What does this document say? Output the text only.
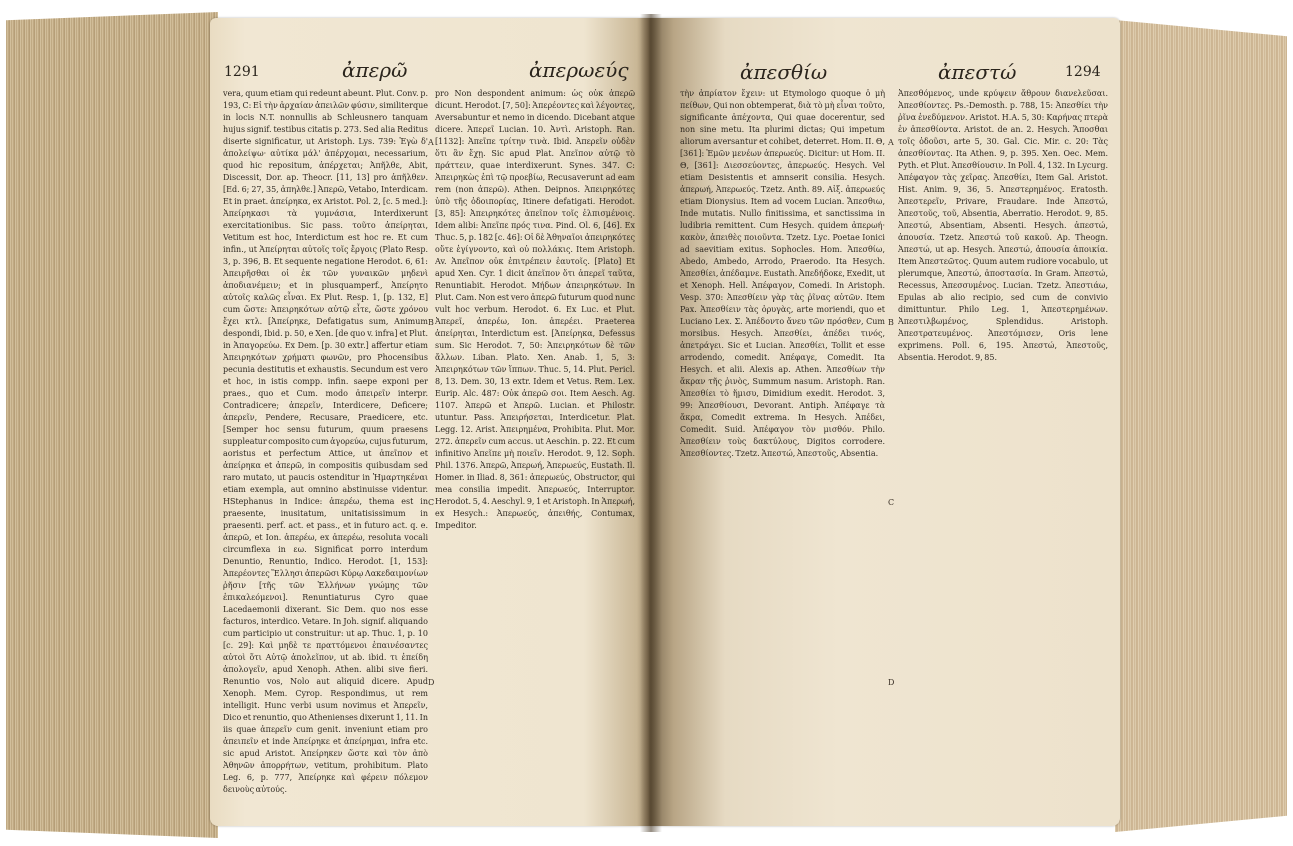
1291	ἀπερῶ	ἀπερωεύς

vera, quum etiam qui redeunt abeunt. Plut. Conv. p. 193, C: Εἰ τὴν ἀρχαίαν ἀπειλῶν φύσιν, similiterque in locis N.T. nonnullis ab Schleusnero tanquam hujus signif. testibus citatis p. 273. Sed alia Reditus diserte significatur, ut Aristoph. Lys. 739: Ἐγὼ δ' ἀπολείψω· αὐτίκα μάλ' ἀπέρχομαι, necessarium, quod hic repositum, ἀπέρχεται; Ἀπῆλθε, Abit, Discessit, Dor. ap. Theocr. [11, 13] pro ἀπῆλθεν. [Ed. 6; 27, 35, ἀπηλθε.] Ἀπερῶ, Vetabo, Interdicam. Et in praet. ἀπείρηκα, ex Aristot. Pol. 2, [c. 5 med.]: Ἀπείρηκασι τὰ γυμνάσια, Interdixerunt exercitationibus. Sic pass. τοῦτο ἀπείρηται, Vetitum est hoc, Interdictum est hoc re. Et cum infin., ut Ἀπείρηται αὐτοῖς τοῖς ἔργοις (Plato Resp. 3, p. 396, B. Et sequente negatione Herodot. 6, 61: Ἀπειρῆσθαι οἱ ἐκ τῶν γυναικῶν μηδενὶ ἀποδιανέμειν; et in plusquamperf., Ἀπείρητο αὐτοῖς καλῶς εἶναι. Ex Plut. Resp. 1, [p. 132, E] cum ὥστε: Ἀπειρηκότων αὐτῷ εἶτε, ὥστε χρόνου ἔχει κτλ. [Ἀπείρηκε, Defatigatus sum, Animum despondi, Ibid. p. 50, e Xen. [de quo v. infra] et Plut. in Ἀπαγορεύω. Ex Dem. [p. 30 extr.] affertur etiam Ἀπειρηκότων χρήματι φωνῶν, pro Phocensibus pecunia destitutis et exhaustis. Secundum est vero et hoc, in istis compp. infin. saepe exponi per praes., quo et Cum. modo ἀπειρεῖν interpr. Contradicere; ἀπερεῖν, Interdicere, Deficere; ἀπερεῖν, Pendere, Recusare, Praedicere, etc. [Semper hoc sensu futurum, quum praesens suppleatur composito cum ἀγορεύω, cujus futurum, aoristus et perfectum Attice, ut ἀπεῖπον et ἀπείρηκα et ἀπερῶ, in compositis quibusdam sed raro mutato, ut paucis ostenditur in Ἠμαρτηκέναι etiam exempla, aut omnino abstinuisse videntur. HStephanus in Indice: ἀπερέω, thema est in praesente, inusitatum, unitatisissimum in praesenti. perf. act. et pass., et in futuro act. q. e. ἀπερῶ, et Ion. ἀπερέω, ex ἀπερέω, resoluta vocali circumflexa in εω. Significat porro interdum Denuntio, Renuntio, Indico. Herodot. [1, 153]: Ἀπερέοντες Ἕλλησι ἀπερῶσι Κύρῳ Λακεδαιμονίων ῥῆσιν [τῆς τῶν Ἑλλήνων γνώμης τῶν ἐπικαλεόμενοι]. Renuntiaturus Cyro quae Lacedaemonii dixerant. Sic Dem. quo nos esse facturos, interdico. Vetare. In Joh. signif. aliquando cum participio ut construitur: ut ap. Thuc. 1, p. 10 [c. 29]: Καὶ μηδὲ τε πραττόμενοι ἐπαινέσαντες αὐτοὶ ὅτι Αὐτῷ ἀπολεῖπον, ut ab. ibid. τι ἐπείδη ἀπολογεῖν, apud Xenoph. Athen. alibi sive fieri. Renuntio vos, Nolo aut aliquid dicere. Apud Xenoph. Mem. Cyrop. Respondimus, ut rem intelligit. Hunc verbi usum novimus et Ἀπερεῖν, Dico et renuntio, quo Athenienses dixerunt 1, 11. In iis quae ἀπερεῖν cum genit. inveniunt etiam pro ἀπειπεῖν et inde Ἀπείρηκε et ἀπείρημαι, infra etc. sic apud Aristot. Ἀπείρηκεν ὥστε καὶ τὸν ἀπὸ Ἀθηνῶν ἀπορρήτων, vetitum, prohibitum. Plato Leg. 6, p. 777, Ἀπείρηκε καὶ φέρειν πόλεμον δεινοὺς αὐτούς.

pro Non despondent animum: ὡς οὐκ ἀπερῶ dicunt. Herodot. [7, 50]: Ἀπερέοντες καὶ λέγοντες, Aversabuntur et nemo in dicendo. Dicebant atque dicere. Ἀπερεῖ Lucian. 10. Ἀντὶ. Aristoph. Ran. [1132]: Ἀπεῖπε τρίτην τινὰ. Ibid. Ἀπερεῖν οὐδὲν ὅτι ἂν ἔχῃ. Sic apud Plat. Ἀπεῖπον αὐτῷ τὸ πράττειν, quae interdixerunt. Synes. 347. C: Ἀπειρηκὼς ἐπὶ τῷ προεβίω, Recusaverunt ad eam rem (non ἀπερῶ). Athen. Deipnos. Ἀπειρηκότες ὑπὸ τῆς ὁδοιπορίας, Itinere defatigati. Herodot. [3, 85]: Ἀπειρηκότες ἀπεῖπον τοῖς ἐλπισμένοις. Idem alibi: Ἀπεῖπε πρός τινα. Pind. Ol. 6, [46]. Ex Thuc. 5, p. 182 [c. 46]: Οἱ δὲ Ἀθηναῖοι ἀπειρηκότες οὔτε ἐγίγνοντο, καὶ οὐ πολλάκις. Item Aristoph. Av. Ἀπεῖπον οὐκ ἐπιτρέπειν ἑαυτοῖς. [Plato] Et apud Xen. Cyr. 1 dicit ἀπεῖπον ὅτι ἀπερεῖ ταῦτα, Renuntiabit. Herodot. Μήδων ἀπειρηκότων. In Plut. Cam. Non est vero ἀπερῶ futurum quod nunc vult hoc verbum. Herodot. 6. Ex Luc. et Plut. Ἀπερεῖ, ἀπερέω, Ion. ἀπερέει. Praeterea ἀπείρηται, Interdictum est. [Ἀπείρηκα, Defessus sum. Sic Herodot. 7, 50: Ἀπειρηκότων δὲ τῶν ἄλλων. Liban. Plato. Xen. Anab. 1, 5, 3: Ἀπειρηκότων τῶν ἵππων. Thuc. 5, 14. Plut. Pericl. 8, 13. Dem. 30, 13 extr. Idem et Vetus. Rem. Lex. Eurip. Alc. 487: Οὐκ ἀπερῶ σοι. Item Aesch. Ag. 1107. Ἀπερῶ et Ἀπερῶ. Lucian. et Philostr. utuntur. Pass. Ἀπειρήσεται, Interdicetur. Plat. Legg. 12. Arist. Ἀπειρημένα, Prohibita. Plut. Mor. 272. ἀπερεῖν cum accus. ut Aeschin. p. 22. Et cum infinitivo Ἀπεῖπε μὴ ποιεῖν. Herodot. 9, 12. Soph. Phil. 1376. Ἀπερῶ, Ἀπερωή, Ἀπερωεύς, Eustath. Il. Homer. in Iliad. 8, 361: ἀπερωεύς, Obstructor, qui mea consilia impedit. Ἀπερωεύς, Interruptor. Herodot. 5, 4. Aeschyl. 9, 1 et Aristoph. In Ἀπερωή, ex Hesych.: Ἀπερωεύς, ἀπειθής, Contumax, Impeditor.

A
B
C
D
ἀπεσθίω	ἀπεστώ	1294

τὴν ἀπρίατον ἔχειν: ut Etymologo quoque ὁ μὴ πείθων, Qui non obtemperat, διὰ τὸ μὴ εἶναι τοῦτο, significante ἀπέχοντα, Qui quae docerentur, sed non sine metu. Ita plurimi dictas; Qui impetum aliorum aversantur et cohibet, deterret. Hom. II. Θ, [361]: Ἐμῶν μενέων ἀπερωεύς. Dicitur: ut Hom. II. Θ, [361]: Διεσσεύοντες, ἀπερωεύς. Hesych. Vel etiam Desistentis et amnserit consilia. Hesych. ἀπερωή, Ἀπερωεύς. Tzetz. Anth. 89. Αἰξ. ἀπερωεύς etiam Dionysius. Item ad vocem Lucian. Ἄπεσθιω, Inde mutatis. Nullo finitissima, et sanctissima in ludibria remittent. Cum Hesych. quidem ἀπερωή· κακὸν, ἀπειθὲς ποιοῦντα. Tzetz. Lyc. Poetae Ionici ad saevitiam exitus. Sophocles. Hom. Ἀπεσθίω, Abedo, Ambedo, Arrodo, Praerodo. Ita Hesych. Ἀπεσθίει, ἀπέδαμνε. Eustath. Ἀπεδήδοκε, Exedit, ut et Xenoph. Hell. Ἀπέφαγον, Comedi. In Aristoph. Vesp. 370: Ἀπεσθίειν γὰρ τὰς ῥῖνας αὐτῶν. Item Pax. Ἀπεσθίειν τὰς ὀρυγὰς, arte moriendi, quo et Luciano Lex. Σ. Ἀπέδοντο ἄνευ τῶν πρόσθεν, Cum morsibus. Hesych. Ἀπεσθίει, ἀπέδει τινός, ἀπετράγει. Sic et Lucian. Ἀπεσθίει, Tollit et esse arrodendo, comedit. Ἀπέφαγε, Comedit. Ita Hesych. et alii. Alexis ap. Athen. Ἀπεσθίων τὴν ἄκραν τῆς ῥινὸς, Summum nasum. Aristoph. Ran. Ἀπεσθίει τὸ ἥμισυ, Dimidium exedit. Herodot. 3, 99: Ἀπεσθίουσι, Devorant. Antiph. Ἀπέφαγε τὰ ἄκρα, Comedit extrema. In Hesych. Ἀπέδει, Comedit. Suid. Ἀπέφαγον τὸν μισθόν. Philo. Ἀπεσθίειν τοὺς δακτύλους, Digitos corrodere. Ἀπεσθίοντες. Tzetz. Ἀπεστώ, Ἀπεστοῦς, Absentia.

Ἀπεσθόμενος, unde κρύψειν ἄθρουν διανελεῦσαι. Ἀπεσθίοντες. Ps.-Demosth. p. 788, 15: Ἀπεσθίει τὴν ῥῖνα ἐνεδύμενον. Aristot. H.A. 5, 30: Καρήνας πτερὰ ἐν ἀπεσθίοντα. Aristot. de an. 2. Hesych. Ἄποσθαι τοῖς ὀδοῦσι, arte 5, 30. Gal. Cic. Mir. c. 20: Τὰς ἀπεσθίοντας. Ita Athen. 9, p. 395. Xen. Oec. Mem. Pyth. et Plut. Ἀπεσθίουσιν. In Poll. 4, 132. In Lycurg. Ἀπέφαγον τὰς χεῖρας. Ἀπεσθίει, Item Gal. Aristot. Hist. Anim. 9, 36, 5. Ἀπεστερημένος. Eratosth. Ἀπεστερεῖν, Privare, Fraudare. Inde Ἀπεστώ, Ἀπεστοῦς, τοῦ, Absentia, Aberratio. Herodot. 9, 85. Ἀπεστώ, Absentiam, Absenti. Hesych. ἀπεστώ, ἀπουσία. Tzetz. Ἀπεστώ τοῦ κακοῦ. Ap. Theogn. Ἀπεστώ, ut ap. Hesych. Ἀπεστώ, ἀπουσία ἀποικία. Item Ἀπεστεῶτος. Quum autem rudiore vocabulo, ut plerumque, Ἀπεστώ, ἀποστασία. In Gram. Ἀπεστώ, Recessus, Ἀπεσσυμένος. Lucian. Tzetz. Ἀπεστιάω, Epulas ab alio recipio, sed cum de convivio dimittuntur. Philo Leg. 1, Ἀπεστερημένων. Ἀπεστιλβωμένος, Splendidus. Aristoph. Ἀπεστρατευμένος. Ἀπεστόμισεν, Oris lene exprimens. Poll. 6, 195. Ἀπεστώ, Ἀπεστοῦς, Absentia. Herodot. 9, 85.

A
B
C
D
